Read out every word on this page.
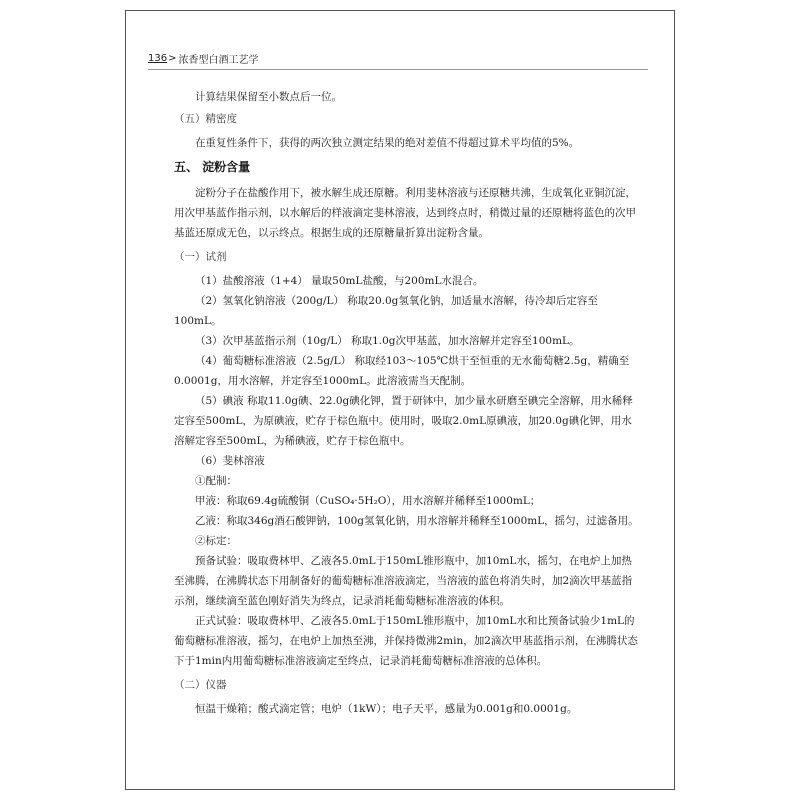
136 > 浓香型白酒工艺学

计算结果保留至小数点后一位。

（五）精密度

在重复性条件下，获得的两次独立测定结果的绝对差值不得超过算术平均值的5%。

五、 淀粉含量

淀粉分子在盐酸作用下，被水解生成还原糖。利用斐林溶液与还原糖共沸，生成氧化亚铜沉淀，用次甲基蓝作指示剂，以水解后的样液滴定斐林溶液，达到终点时，稍微过量的还原糖将蓝色的次甲基蓝还原成无色，以示终点。根据生成的还原糖量折算出淀粉含量。

（一）试剂

（1）盐酸溶液（1+4） 量取50mL盐酸，与200mL水混合。

（2）氢氧化钠溶液（200g/L） 称取20.0g氢氧化钠，加适量水溶解，待冷却后定容至100mL。

（3）次甲基蓝指示剂（10g/L） 称取1.0g次甲基蓝，加水溶解并定容至100mL。

（4）葡萄糖标准溶液（2.5g/L） 称取经103～105℃烘干至恒重的无水葡萄糖2.5g，精确至0.0001g，用水溶解，并定容至1000mL。此溶液需当天配制。

（5）碘液 称取11.0g碘、22.0g碘化钾，置于研钵中，加少量水研磨至碘完全溶解，用水稀释定容至500mL，为原碘液，贮存于棕色瓶中。使用时，吸取2.0mL原碘液，加20.0g碘化钾，用水溶解定容至500mL，为稀碘液，贮存于棕色瓶中。

（6）斐林溶液

①配制：

甲液：称取69.4g硫酸铜（CuSO₄·5H₂O），用水溶解并稀释至1000mL；

乙液：称取346g酒石酸钾钠，100g氢氧化钠，用水溶解并稀释至1000mL，摇匀，过滤备用。

②标定：

预备试验：吸取费林甲、乙液各5.0mL于150mL锥形瓶中，加10mL水，摇匀，在电炉上加热至沸腾，在沸腾状态下用制备好的葡萄糖标准溶液滴定，当溶液的蓝色将消失时，加2滴次甲基蓝指示剂，继续滴至蓝色刚好消失为终点，记录消耗葡萄糖标准溶液的体积。

正式试验：吸取费林甲、乙液各5.0mL于150mL锥形瓶中，加10mL水和比预备试验少1mL的葡萄糖标准溶液，摇匀，在电炉上加热至沸，并保持微沸2min，加2滴次甲基蓝指示剂，在沸腾状态下于1min内用葡萄糖标准溶液滴定至终点，记录消耗葡萄糖标准溶液的总体积。

（二）仪器

恒温干燥箱；酸式滴定管；电炉（1kW）；电子天平，感量为0.001g和0.0001g。
